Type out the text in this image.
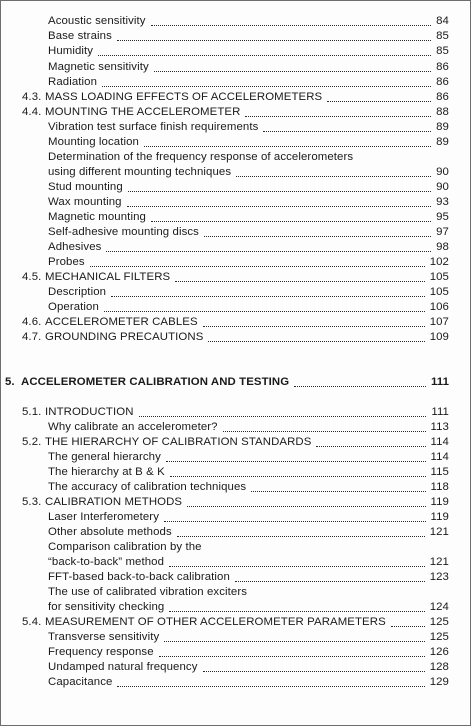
Acoustic sensitivity	84
Base strains	85
Humidity	85
Magnetic sensitivity	86
Radiation	86
4.3. MASS LOADING EFFECTS OF ACCELEROMETERS	86
4.4. MOUNTING THE ACCELEROMETER	88
Vibration test surface finish requirements	89
Mounting location	89
Determination of the frequency response of accelerometers
using different mounting techniques	90
Stud mounting	90
Wax mounting	93
Magnetic mounting	95
Self-adhesive mounting discs	97
Adhesives	98
Probes	102
4.5. MECHANICAL FILTERS	105
Description	105
Operation	106
4.6. ACCELEROMETER CABLES	107
4.7. GROUNDING PRECAUTIONS	109
5. ACCELEROMETER CALIBRATION AND TESTING	111
5.1. INTRODUCTION	111
Why calibrate an accelerometer?	113
5.2. THE HIERARCHY OF CALIBRATION STANDARDS	114
The general hierarchy	114
The hierarchy at B & K	115
The accuracy of calibration techniques	118
5.3. CALIBRATION METHODS	119
Laser Interferometery	119
Other absolute methods	121
Comparison calibration by the
“back-to-back” method	121
FFT-based back-to-back calibration	123
The use of calibrated vibration exciters
for sensitivity checking	124
5.4. MEASUREMENT OF OTHER ACCELEROMETER PARAMETERS	125
Transverse sensitivity	125
Frequency response	126
Undamped natural frequency	128
Capacitance	129
